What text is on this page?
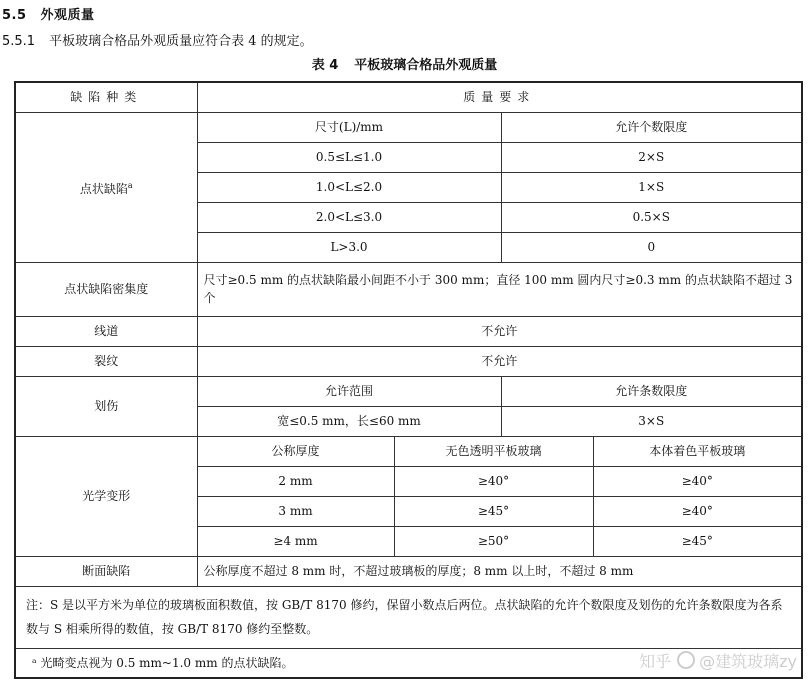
5.5 外观质量
5.5.1 平板玻璃合格品外观质量应符合表 4 的规定。
表 4 平板玻璃合格品外观质量
缺陷种类	质量要求			
点状缺陷$^a$	尺寸(L)/mm		允许个数限度	
	0.5≤L≤1.0		2×S	
	1.0<L≤2.0		1×S	
	2.0<L≤3.0		0.5×S	
	L>3.0		0	
点状缺陷密集度	尺寸≥0.5 mm 的点状缺陷最小间距不小于 300 mm；直径 100 mm 圆内尺寸≥0.3 mm 的点状缺陷不超过 3 个			
线道	不允许			
裂纹	不允许			
划伤	允许范围		允许条数限度	
	宽≤0.5 mm，长≤60 mm		3×S	
光学变形	公称厚度	无色透明平板玻璃		本体着色平板玻璃
	2 mm	≥40°		≥40°
	3 mm	≥45°		≥40°
	≥4 mm	≥50°		≥45°
断面缺陷	公称厚度不超过 8 mm 时，不超过玻璃板的厚度；8 mm 以上时，不超过 8 mm			
注：S 是以平方米为单位的玻璃板面积数值，按 GB/T 8170 修约，保留小数点后两位。点状缺陷的允许个数限度及划伤的允许条数限度为各系数与 S 相乘所得的数值，按 GB/T 8170 修约至整数。				
ᵃ 光畸变点视为 0.5 mm~1.0 mm 的点状缺陷。					知乎 @建筑玻璃zy
